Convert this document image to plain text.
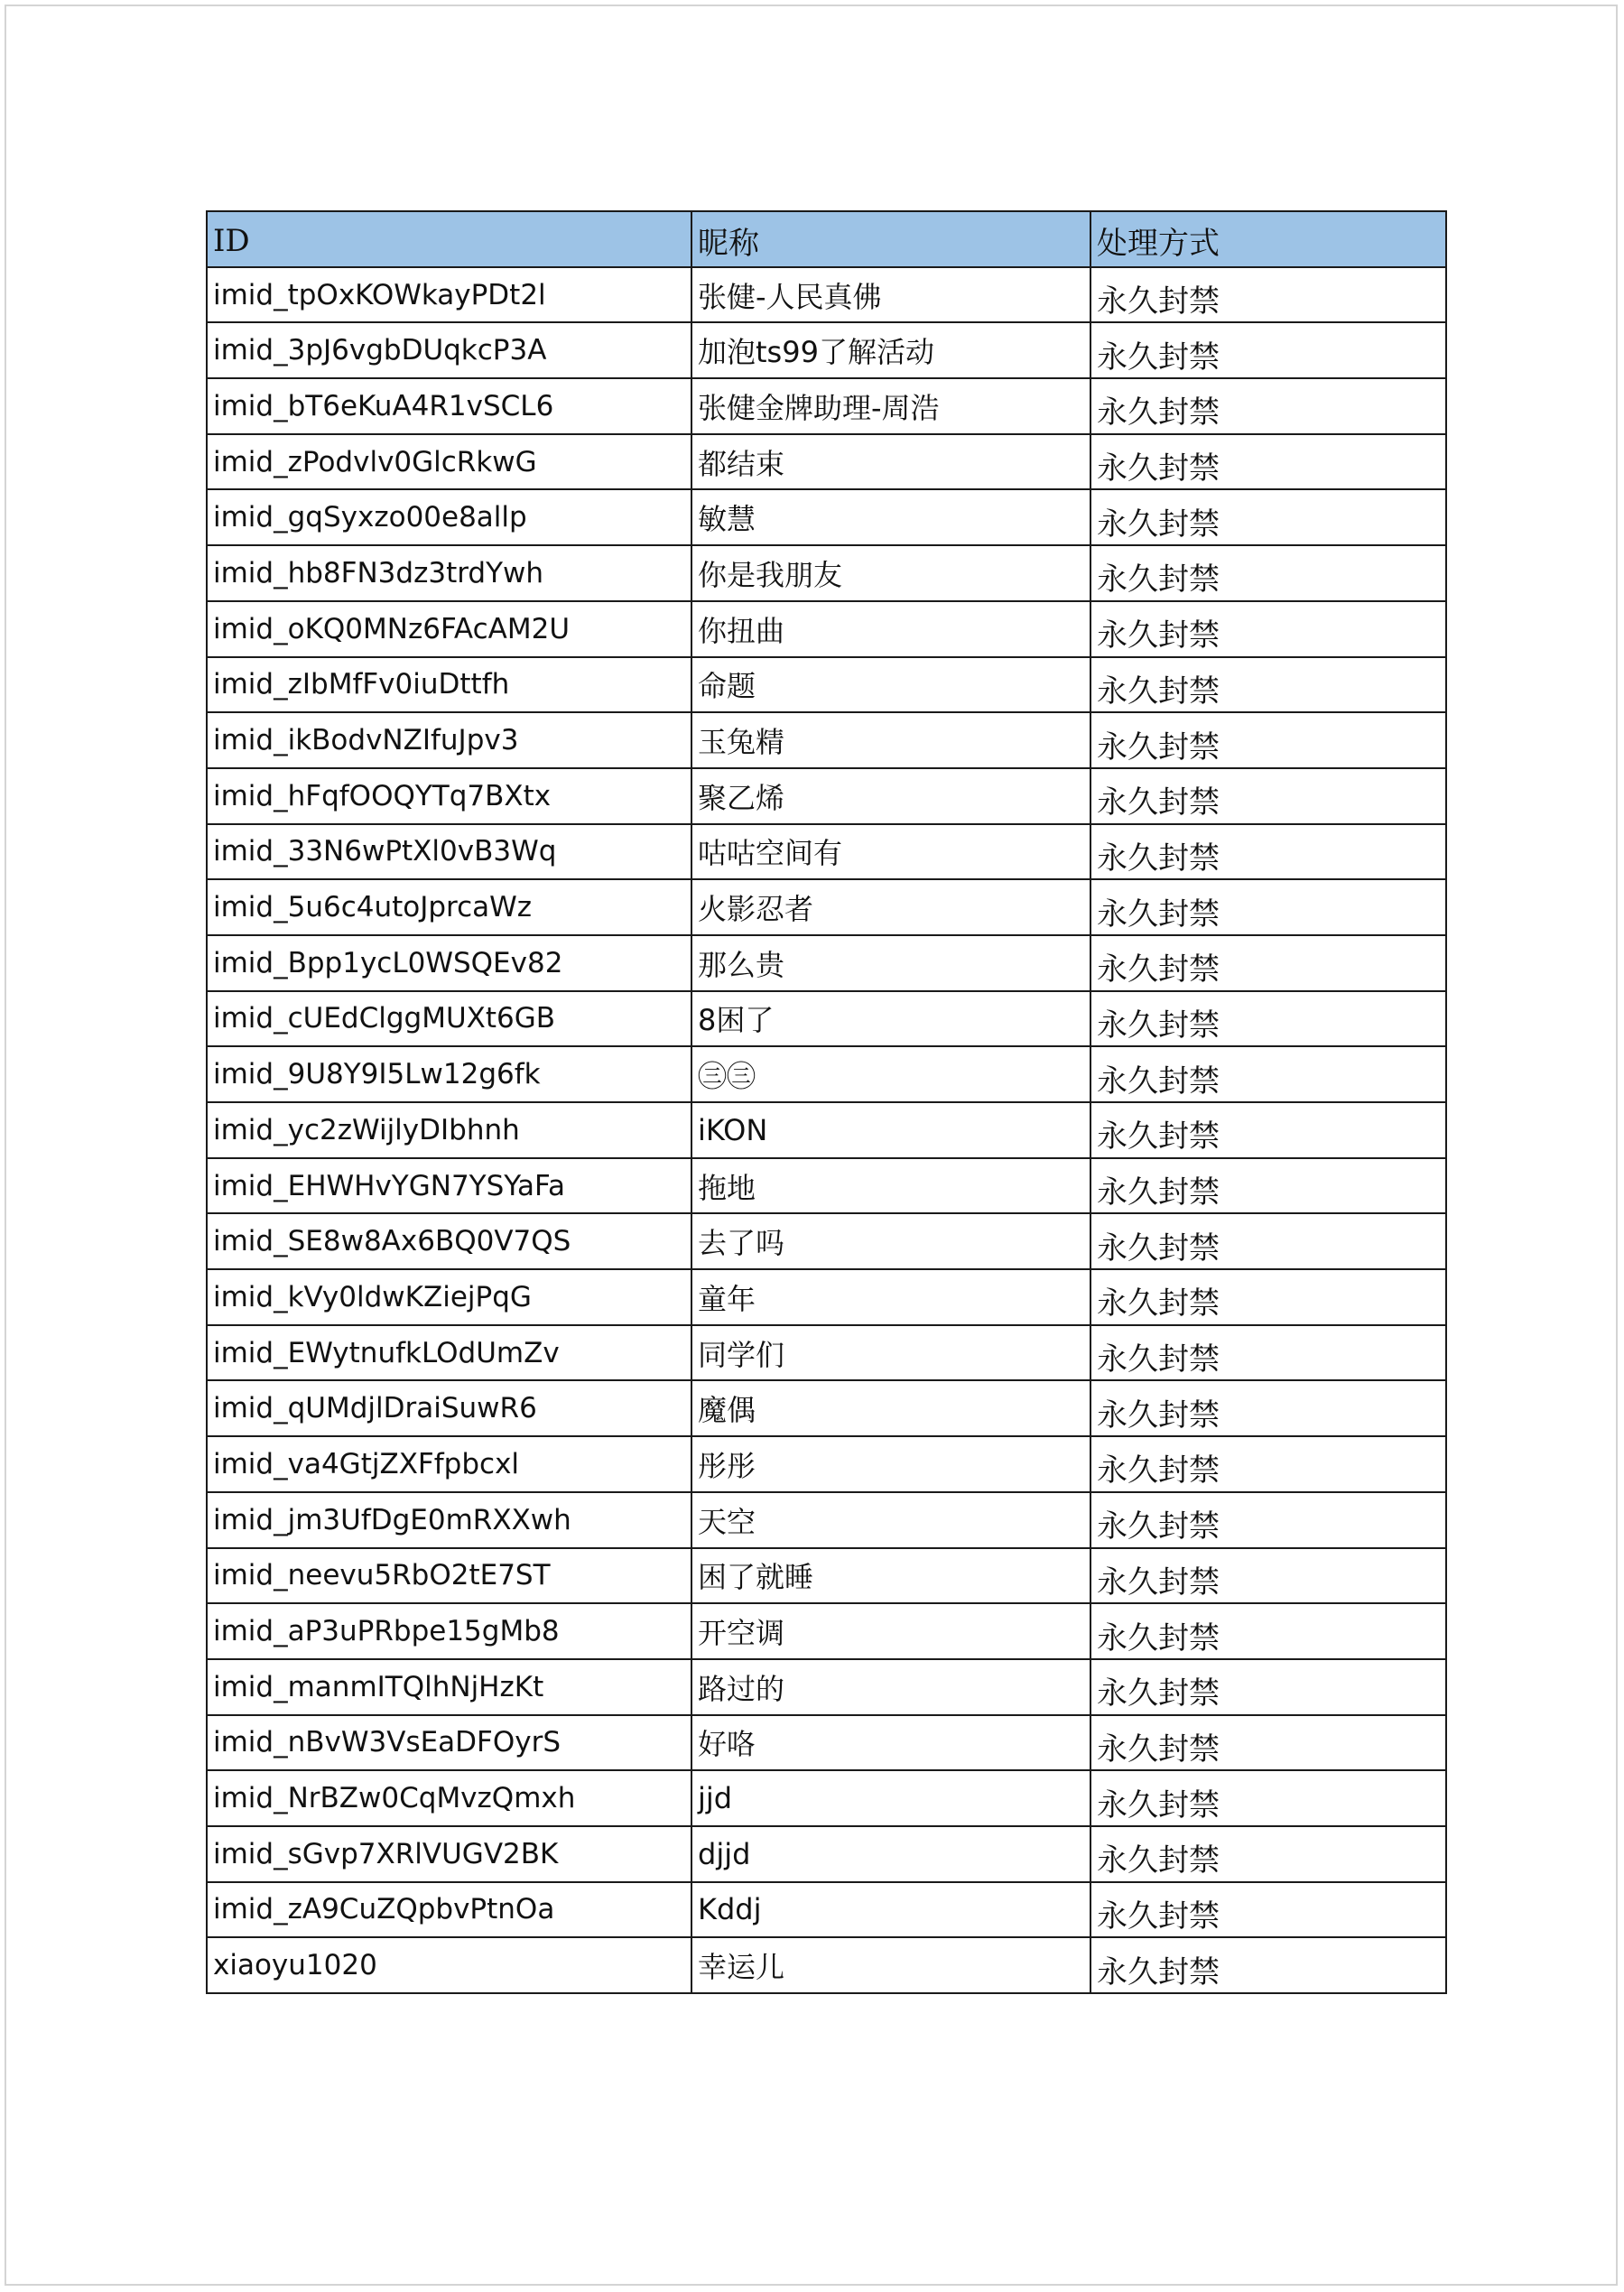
ID	昵称	处理方式
imid_tpOxKOWkayPDt2l	张健-人民真佛	永久封禁
imid_3pJ6vgbDUqkcP3A	加泡ts99了解活动	永久封禁
imid_bT6eKuA4R1vSCL6	张健金牌助理-周浩	永久封禁
imid_zPodvlv0GlcRkwG	都结束	永久封禁
imid_gqSyxzo00e8allp	敏慧	永久封禁
imid_hb8FN3dz3trdYwh	你是我朋友	永久封禁
imid_oKQ0MNz6FAcAM2U	你扭曲	永久封禁
imid_zIbMfFv0iuDttfh	命题	永久封禁
imid_ikBodvNZIfuJpv3	玉兔精	永久封禁
imid_hFqfOOQYTq7BXtx	聚乙烯	永久封禁
imid_33N6wPtXl0vB3Wq	咕咕空间有	永久封禁
imid_5u6c4utoJprcaWz	火影忍者	永久封禁
imid_Bpp1ycL0WSQEv82	那么贵	永久封禁
imid_cUEdClggMUXt6GB	8困了	永久封禁
imid_9U8Y9I5Lw12g6fk	㊂㊂	永久封禁
imid_yc2zWijlyDIbhnh	iKON	永久封禁
imid_EHWHvYGN7YSYaFa	拖地	永久封禁
imid_SE8w8Ax6BQ0V7QS	去了吗	永久封禁
imid_kVy0ldwKZiejPqG	童年	永久封禁
imid_EWytnufkLOdUmZv	同学们	永久封禁
imid_qUMdjlDraiSuwR6	魔偶	永久封禁
imid_va4GtjZXFfpbcxl	彤彤	永久封禁
imid_jm3UfDgE0mRXXwh	天空	永久封禁
imid_neevu5RbO2tE7ST	困了就睡	永久封禁
imid_aP3uPRbpe15gMb8	开空调	永久封禁
imid_manmITQlhNjHzKt	路过的	永久封禁
imid_nBvW3VsEaDFOyrS	好咯	永久封禁
imid_NrBZw0CqMvzQmxh	jjd	永久封禁
imid_sGvp7XRlVUGV2BK	djjd	永久封禁
imid_zA9CuZQpbvPtnOa	Kddj	永久封禁
xiaoyu1020	幸运儿	永久封禁
